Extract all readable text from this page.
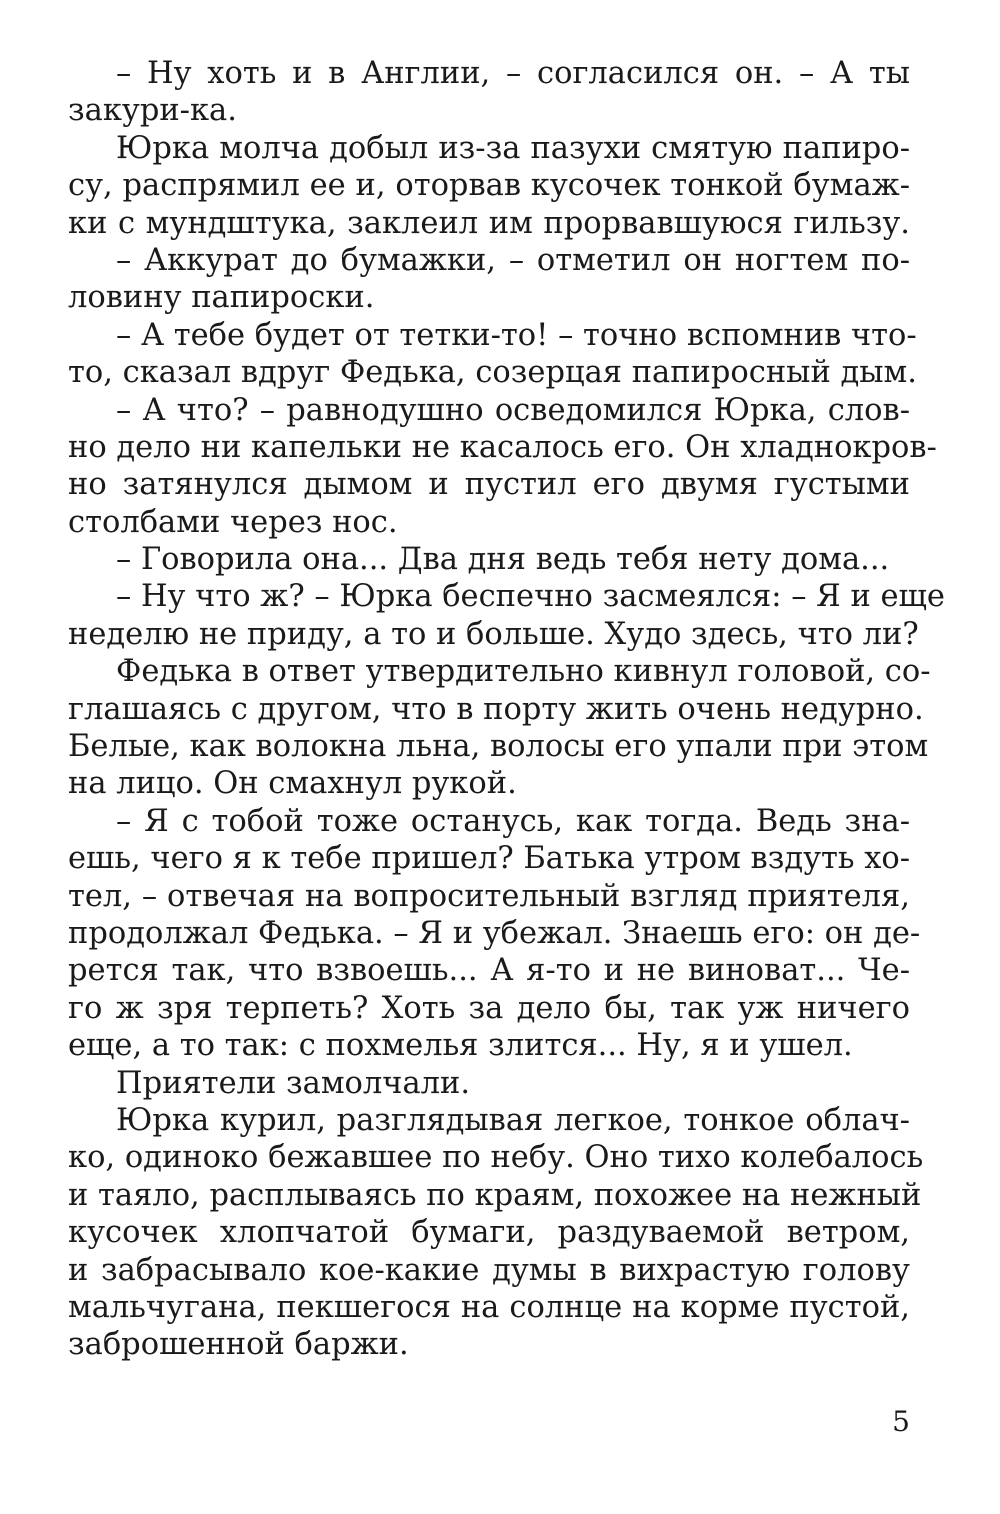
– Ну хоть и в Англии, – согласился он. – А ты
закури-ка.
Юрка молча добыл из-за пазухи смятую папиро-
су, распрямил ее и, оторвав кусочек тонкой бумаж-
ки с мундштука, заклеил им прорвавшуюся гильзу.
– Аккурат до бумажки, – отметил он ногтем по-
ловину папироски.
– А тебе будет от тетки-то! – точно вспомнив что-
то, сказал вдруг Федька, созерцая папиросный дым.
– А что? – равнодушно осведомился Юрка, слов-
но дело ни капельки не касалось его. Он хладнокров-
но затянулся дымом и пустил его двумя густыми
столбами через нос.
– Говорила она... Два дня ведь тебя нету дома...
– Ну что ж? – Юрка беспечно засмеялся: – Я и еще
неделю не приду, а то и больше. Худо здесь, что ли?
Федька в ответ утвердительно кивнул головой, со-
глашаясь с другом, что в порту жить очень недурно.
Белые, как волокна льна, волосы его упали при этом
на лицо. Он смахнул рукой.
– Я с тобой тоже останусь, как тогда. Ведь зна-
ешь, чего я к тебе пришел? Батька утром вздуть хо-
тел, – отвечая на вопросительный взгляд приятеля,
продолжал Федька. – Я и убежал. Знаешь его: он де-
рется так, что взвоешь... А я-то и не виноват... Че-
го ж зря терпеть? Хоть за дело бы, так уж ничего
еще, а то так: с похмелья злится... Ну, я и ушел.
Приятели замолчали.
Юрка курил, разглядывая легкое, тонкое облач-
ко, одиноко бежавшее по небу. Оно тихо колебалось
и таяло, расплываясь по краям, похожее на нежный
кусочек хлопчатой бумаги, раздуваемой ветром,
и забрасывало кое-какие думы в вихрастую голову
мальчугана, пекшегося на солнце на корме пустой,
заброшенной баржи.
5
